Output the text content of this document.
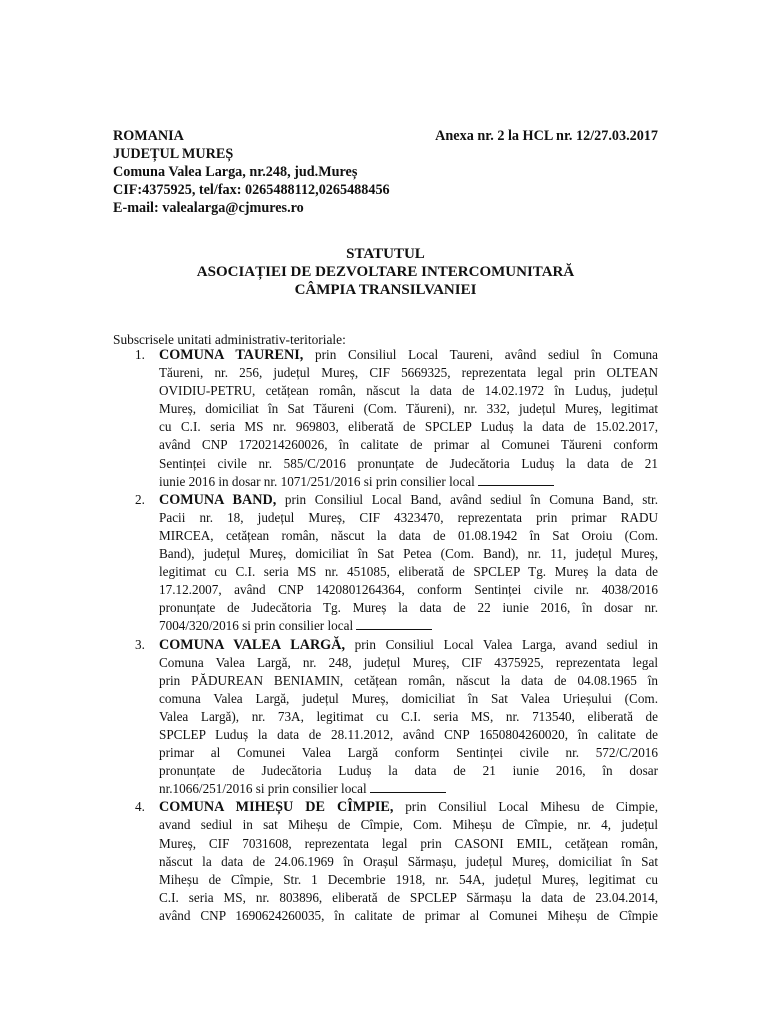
ROMANIA
JUDEȚUL MUREȘ
Comuna Valea Larga, nr.248, jud.Mureș
CIF:4375925, tel/fax: 0265488112,0265488456
E-mail: valealarga@cjmures.ro
Anexa nr. 2 la HCL nr. 12/27.03.2017
STATUTUL
ASOCIAȚIEI DE DEZVOLTARE INTERCOMUNITARĂ
CÂMPIA TRANSILVANIEI
Subscrisele unitati administrativ-teritoriale:
1. COMUNA TAURENI, prin Consiliul Local Taureni, având sediul în Comuna
Tăureni, nr. 256, județul Mureș, CIF 5669325, reprezentata legal prin OLTEAN
OVIDIU-PETRU, cetățean român, născut la data de 14.02.1972 în Luduș, județul
Mureș, domiciliat în Sat Tăureni (Com. Tăureni), nr. 332, județul Mureș, legitimat
cu C.I. seria MS nr. 969803, eliberată de SPCLEP Luduș la data de 15.02.2017,
având CNP 1720214260026, în calitate de primar al Comunei Tăureni conform
Sentinței civile nr. 585/C/2016 pronunțate de Judecătoria Luduș la data de 21
iunie 2016 in dosar nr. 1071/251/2016 si prin consilier local
2. COMUNA BAND, prin Consiliul Local Band, având sediul în Comuna Band, str.
Pacii nr. 18, județul Mureș, CIF 4323470, reprezentata prin primar RADU
MIRCEA, cetățean român, născut la data de 01.08.1942 în Sat Oroiu (Com.
Band), județul Mureș, domiciliat în Sat Petea (Com. Band), nr. 11, județul Mureș,
legitimat cu C.I. seria MS nr. 451085, eliberată de SPCLEP Tg. Mureș la data de
17.12.2007, având CNP 1420801264364, conform Sentinței civile nr. 4038/2016
pronunțate de Judecătoria Tg. Mureș la data de 22 iunie 2016, în dosar nr.
7004/320/2016 si prin consilier local
3. COMUNA VALEA LARGĂ, prin Consiliul Local Valea Larga, avand sediul in
Comuna Valea Largă, nr. 248, județul Mureș, CIF 4375925, reprezentata legal
prin PĂDUREAN BENIAMIN, cetățean român, născut la data de 04.08.1965 în
comuna Valea Largă, județul Mureș, domiciliat în Sat Valea Urieșului (Com.
Valea Largă), nr. 73A, legitimat cu C.I. seria MS, nr. 713540, eliberată de
SPCLEP Luduș la data de 28.11.2012, având CNP 1650804260020, în calitate de
primar al Comunei Valea Largă conform Sentinței civile nr. 572/C/2016
pronunțate de Judecătoria Luduș la data de 21 iunie 2016, în dosar
nr.1066/251/2016 si prin consilier local
4. COMUNA MIHEȘU DE CÎMPIE, prin Consiliul Local Mihesu de Cimpie,
avand sediul in sat Miheșu de Cîmpie, Com. Miheșu de Cîmpie, nr. 4, județul
Mureș, CIF 7031608, reprezentata legal prin CASONI EMIL, cetățean român,
născut la data de 24.06.1969 în Orașul Sărmașu, județul Mureș, domiciliat în Sat
Miheșu de Cîmpie, Str. 1 Decembrie 1918, nr. 54A, județul Mureș, legitimat cu
C.I. seria MS, nr. 803896, eliberată de SPCLEP Sărmașu la data de 23.04.2014,
având CNP 1690624260035, în calitate de primar al Comunei Miheșu de Cîmpie
